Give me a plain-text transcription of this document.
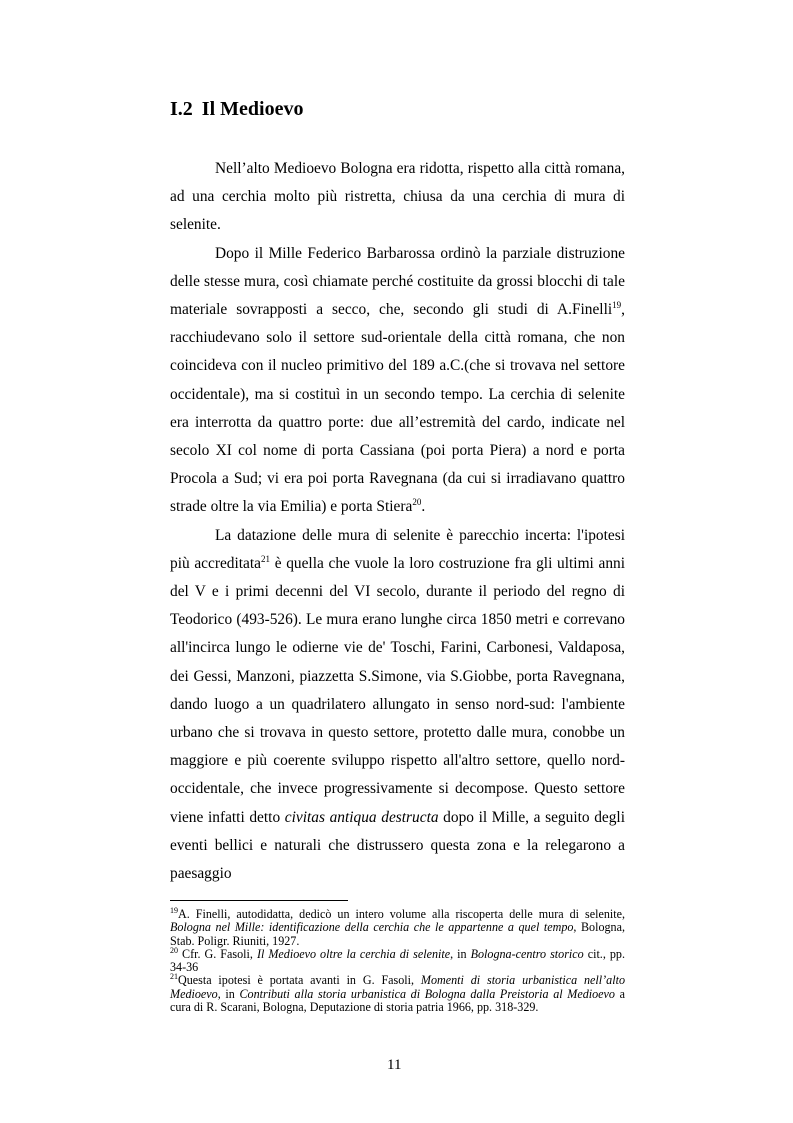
I.2 Il Medioevo

Nell’alto Medioevo Bologna era ridotta, rispetto alla città romana, ad una cerchia molto più ristretta, chiusa da una cerchia di mura di selenite.

Dopo il Mille Federico Barbarossa ordinò la parziale distruzione delle stesse mura, così chiamate perché costituite da grossi blocchi di tale materiale sovrapposti a secco, che, secondo gli studi di A.Finelli$^{19}$, racchiudevano solo il settore sud-orientale della città romana, che non coincideva con il nucleo primitivo del 189 a.C.(che si trovava nel settore occidentale), ma si costituì in un secondo tempo. La cerchia di selenite era interrotta da quattro porte: due all’estremità del cardo, indicate nel secolo XI col nome di porta Cassiana (poi porta Piera) a nord e porta Procola a Sud; vi era poi porta Ravegnana (da cui si irradiavano quattro strade oltre la via Emilia) e porta Stiera$^{20}$.

La datazione delle mura di selenite è parecchio incerta: l'ipotesi più accreditata$^{21}$ è quella che vuole la loro costruzione fra gli ultimi anni del V e i primi decenni del VI secolo, durante il periodo del regno di Teodorico (493-526). Le mura erano lunghe circa 1850 metri e correvano all'incirca lungo le odierne vie de' Toschi, Farini, Carbonesi, Valdaposa, dei Gessi, Manzoni, piazzetta S.Simone, via S.Giobbe, porta Ravegnana, dando luogo a un quadrilatero allungato in senso nord-sud: l'ambiente urbano che si trovava in questo settore, protetto dalle mura, conobbe un maggiore e più coerente sviluppo rispetto all'altro settore, quello nord-occidentale, che invece progressivamente si decompose. Questo settore viene infatti detto civitas antiqua destructa dopo il Mille, a seguito degli eventi bellici e naturali che distrussero questa zona e la relegarono a paesaggio

$^{19}$A. Finelli, autodidatta, dedicò un intero volume alla riscoperta delle mura di selenite, Bologna nel Mille: identificazione della cerchia che le appartenne a quel tempo, Bologna, Stab. Poligr. Riuniti, 1927.

$^{20}$ Cfr. G. Fasoli, Il Medioevo oltre la cerchia di selenite, in Bologna-centro storico cit., pp. 34-36

$^{21}$Questa ipotesi è portata avanti in G. Fasoli, Momenti di storia urbanistica nell’alto Medioevo, in Contributi alla storia urbanistica di Bologna dalla Preistoria al Medioevo a cura di R. Scarani, Bologna, Deputazione di storia patria 1966, pp. 318-329.

11
